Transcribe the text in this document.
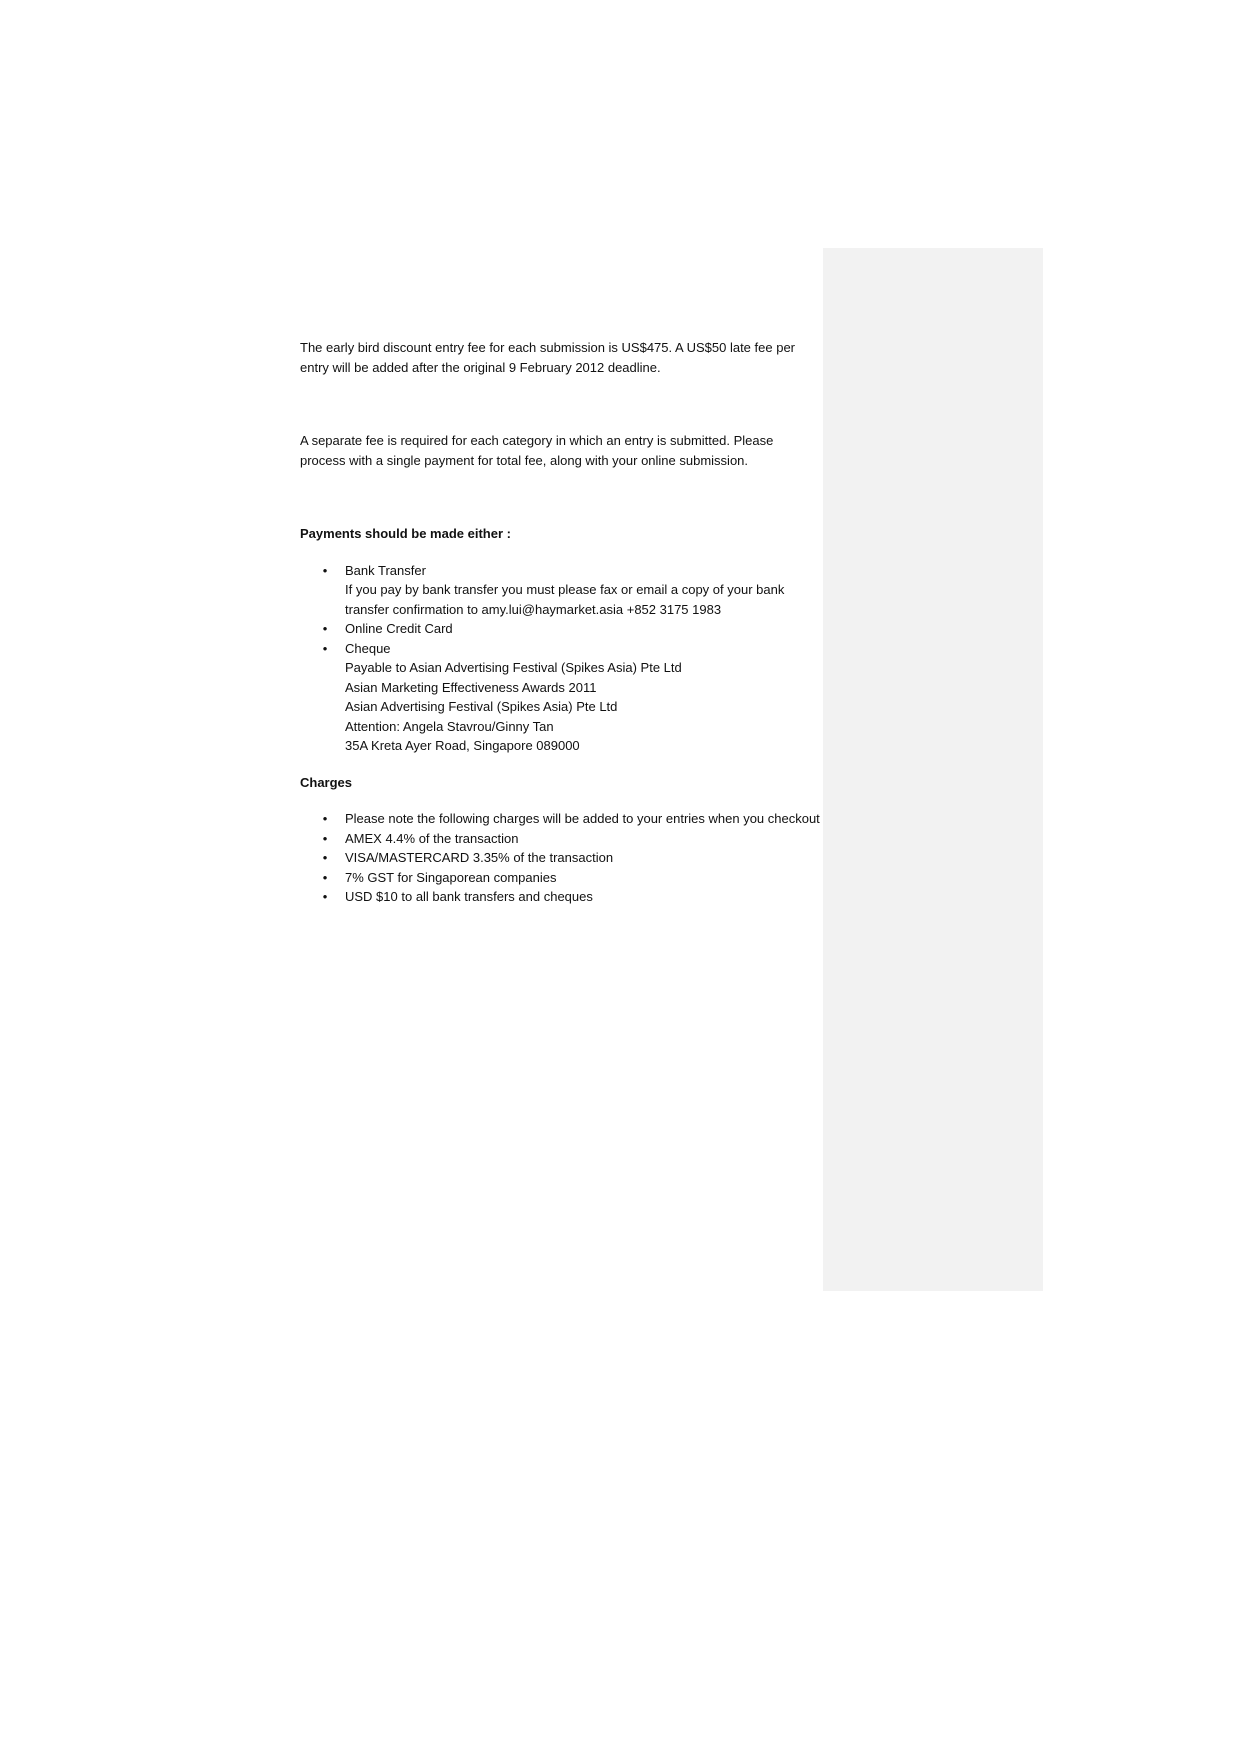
The early bird discount entry fee for each submission is US$475. A US$50 late fee per entry will be added after the original 9 February 2012 deadline.

A separate fee is required for each category in which an entry is submitted. Please process with a single payment for total fee, along with your online submission.

Payments should be made either :

• Bank Transfer
If you pay by bank transfer you must please fax or email a copy of your bank transfer confirmation to amy.lui@haymarket.asia +852 3175 1983
• Online Credit Card
• Cheque
Payable to Asian Advertising Festival (Spikes Asia) Pte Ltd
Asian Marketing Effectiveness Awards 2011
Asian Advertising Festival (Spikes Asia) Pte Ltd
Attention: Angela Stavrou/Ginny Tan
35A Kreta Ayer Road, Singapore 089000

Charges

• Please note the following charges will be added to your entries when you checkout
• AMEX 4.4% of the transaction
• VISA/MASTERCARD 3.35% of the transaction
• 7% GST for Singaporean companies
• USD $10 to all bank transfers and cheques
